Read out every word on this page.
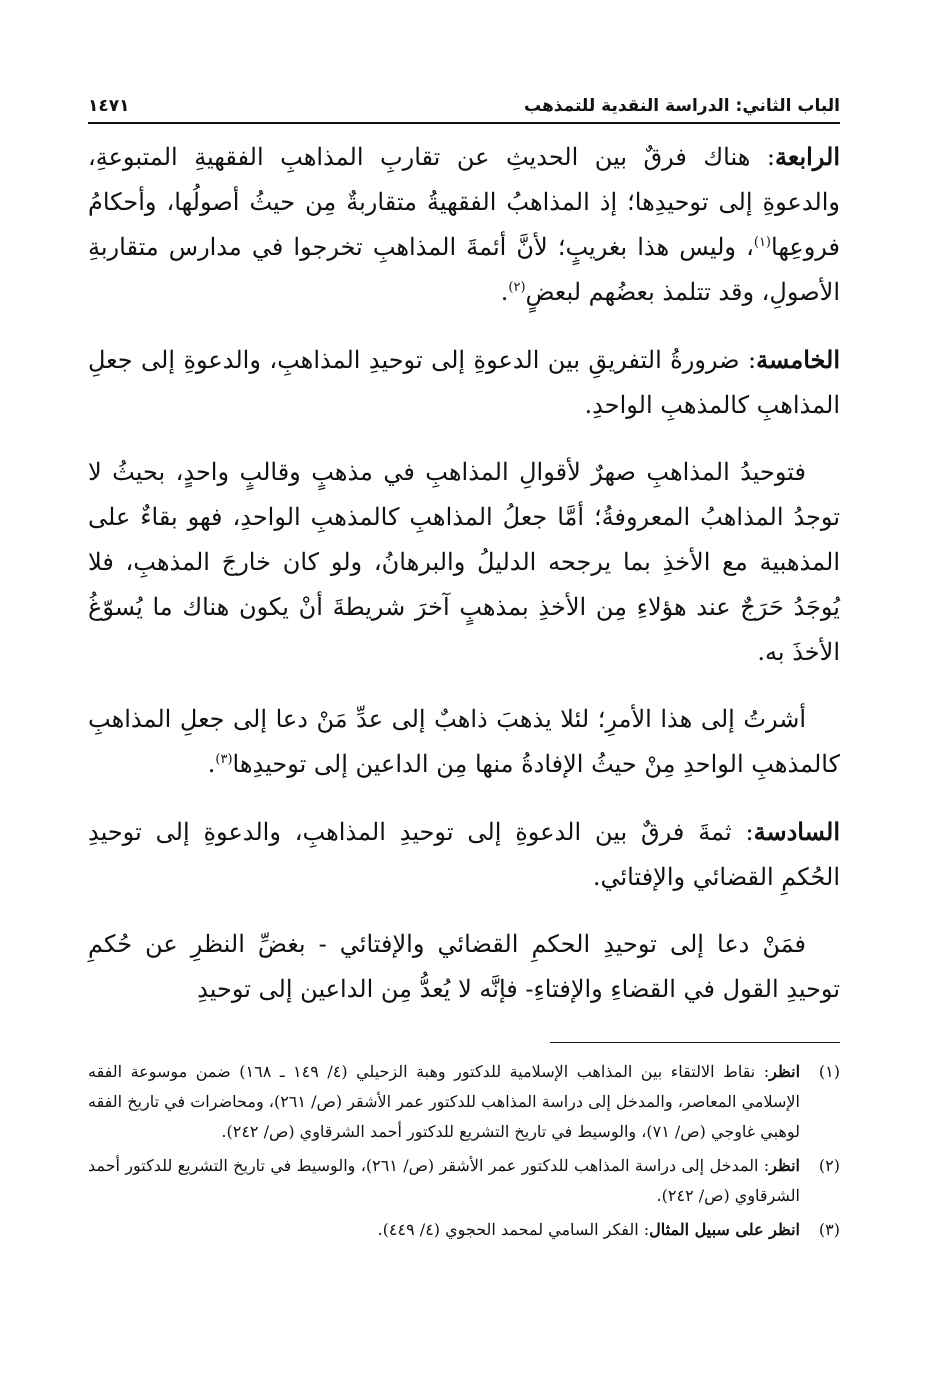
الباب الثاني: الدراسة النقدية للتمذهب
١٤٧١

الرابعة: هناك فرقٌ بين الحديثِ عن تقاربِ المذاهبِ الفقهيةِ المتبوعةِ، والدعوةِ إلى توحيدِها؛ إذ المذاهبُ الفقهيةُ متقاربةٌ مِن حيثُ أصولُها، وأحكامُ فروعِها$^{(١)}$، وليس هذا بغريبٍ؛ لأنَّ أئمةَ المذاهبِ تخرجوا في مدارس متقاربةِ الأصولِ، وقد تتلمذ بعضُهم لبعضٍ$^{(٢)}$.

الخامسة: ضرورةُ التفريقِ بين الدعوةِ إلى توحيدِ المذاهبِ، والدعوةِ إلى جعلِ المذاهبِ كالمذهبِ الواحدِ.

فتوحيدُ المذاهبِ صهرٌ لأقوالِ المذاهبِ في مذهبٍ وقالبٍ واحدٍ، بحيثُ لا توجدُ المذاهبُ المعروفةُ؛ أمَّا جعلُ المذاهبِ كالمذهبِ الواحدِ، فهو بقاءٌ على المذهبية مع الأخذِ بما يرجحه الدليلُ والبرهانُ، ولو كان خارجَ المذهبِ، فلا يُوجَدُ حَرَجٌ عند هؤلاءِ مِن الأخذِ بمذهبٍ آخرَ شريطةَ أنْ يكون هناك ما يُسوّغُ الأخذَ به.

أشرتُ إلى هذا الأمرِ؛ لئلا يذهبَ ذاهبٌ إلى عدِّ مَنْ دعا إلى جعلِ المذاهبِ كالمذهبِ الواحدِ مِنْ حيثُ الإفادةُ منها مِن الداعين إلى توحيدِها$^{(٣)}$.

السادسة: ثمةَ فرقٌ بين الدعوةِ إلى توحيدِ المذاهبِ، والدعوةِ إلى توحيدِ الحُكمِ القضائي والإفتائي.

فمَنْ دعا إلى توحيدِ الحكمِ القضائي والإفتائي - بغضِّ النظرِ عن حُكمِ توحيدِ القول في القضاءِ والإفتاءِ- فإنَّه لا يُعدُّ مِن الداعين إلى توحيدِ

(١)
انظر: نقاط الالتقاء بين المذاهب الإسلامية للدكتور وهبة الزحيلي (٤/ ١٤٩ ـ ١٦٨) ضمن موسوعة الفقه الإسلامي المعاصر، والمدخل إلى دراسة المذاهب للدكتور عمر الأشقر (ص/ ٢٦١)، ومحاضرات في تاريخ الفقه لوهبي غاوجي (ص/ ٧١)، والوسيط في تاريخ التشريع للدكتور أحمد الشرقاوي (ص/ ٢٤٢).
(٢)
انظر: المدخل إلى دراسة المذاهب للدكتور عمر الأشقر (ص/ ٢٦١)، والوسيط في تاريخ التشريع للدكتور أحمد الشرقاوي (ص/ ٢٤٢).
(٣)
انظر على سبيل المثال: الفكر السامي لمحمد الحجوي (٤/ ٤٤٩).
